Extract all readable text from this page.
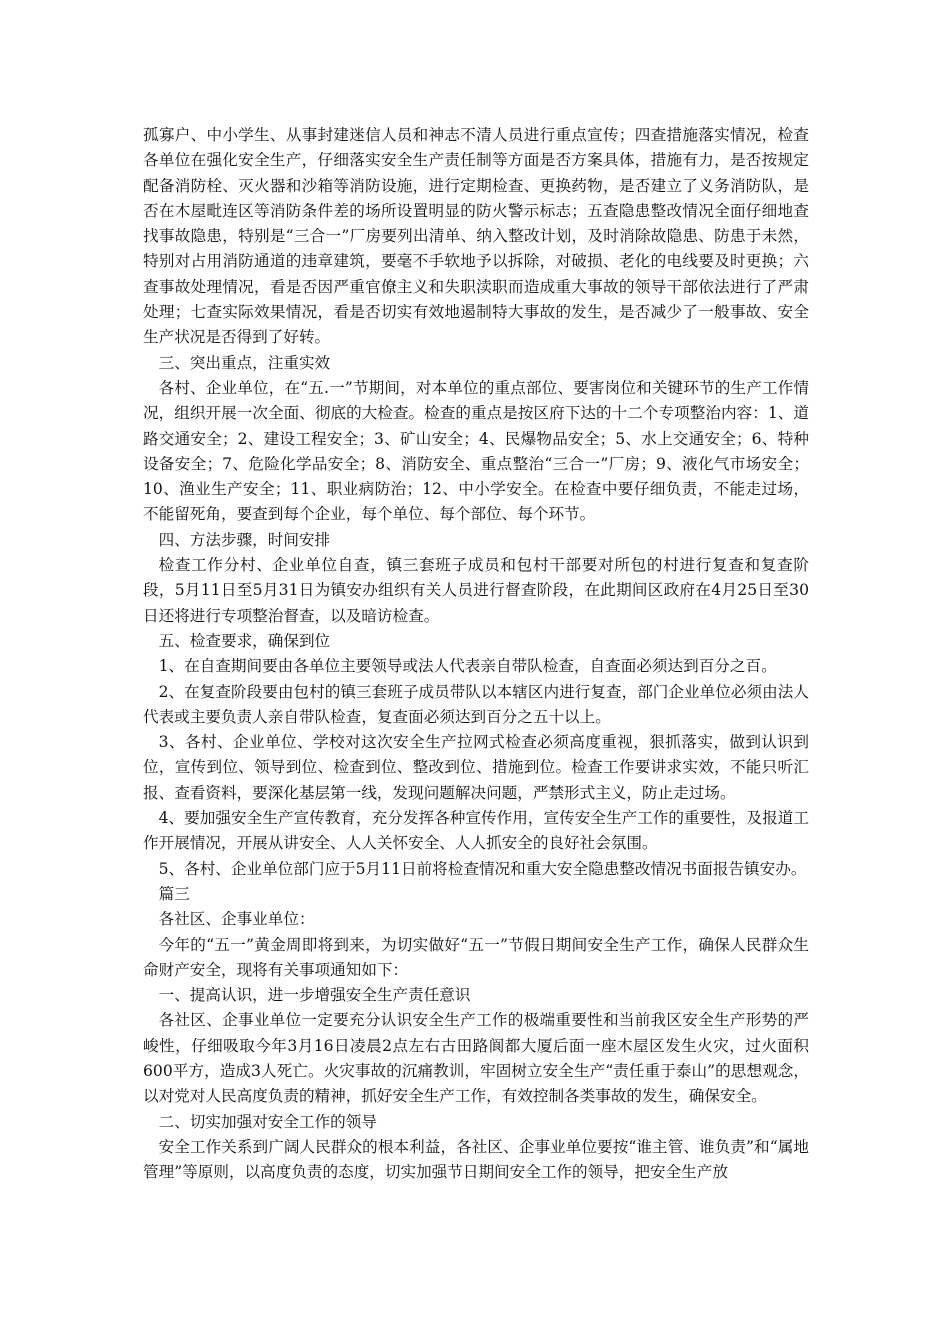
孤寡户、中小学生、从事封建迷信人员和神志不清人员进行重点宣传；四查措施落实情况，检查各单位在强化安全生产，仔细落实安全生产责任制等方面是否方案具体，措施有力，是否按规定配备消防栓、灭火器和沙箱等消防设施，进行定期检查、更换药物，是否建立了义务消防队，是否在木屋毗连区等消防条件差的场所设置明显的防火警示标志；五查隐患整改情况全面仔细地查找事故隐患，特别是“三合一”厂房要列出清单、纳入整改计划，及时消除故隐患、防患于未然，特别对占用消防通道的违章建筑，要毫不手软地予以拆除，对破损、老化的电线要及时更换；六查事故处理情况，看是否因严重官僚主义和失职渎职而造成重大事故的领导干部依法进行了严肃处理；七查实际效果情况，看是否切实有效地遏制特大事故的发生，是否减少了一般事故、安全生产状况是否得到了好转。

三、突出重点，注重实效

各村、企业单位，在“五.一”节期间，对本单位的重点部位、要害岗位和关键环节的生产工作情况，组织开展一次全面、彻底的大检查。检查的重点是按区府下达的十二个专项整治内容：1、道路交通安全；2、建设工程安全；3、矿山安全；4、民爆物品安全；5、水上交通安全；6、特种设备安全；7、危险化学品安全；8、消防安全、重点整治“三合一”厂房；9、液化气市场安全；10、渔业生产安全；11、职业病防治；12、中小学安全。在检查中要仔细负责，不能走过场，不能留死角，要查到每个企业，每个单位、每个部位、每个环节。

四、方法步骤，时间安排

检查工作分村、企业单位自查，镇三套班子成员和包村干部要对所包的村进行复查和复查阶段，5月11日至5月31日为镇安办组织有关人员进行督查阶段，在此期间区政府在4月25日至30日还将进行专项整治督查，以及暗访检查。

五、检查要求，确保到位

1、在自查期间要由各单位主要领导或法人代表亲自带队检查，自查面必须达到百分之百。

2、在复查阶段要由包村的镇三套班子成员带队以本辖区内进行复查，部门企业单位必须由法人代表或主要负责人亲自带队检查，复查面必须达到百分之五十以上。

3、各村、企业单位、学校对这次安全生产拉网式检查必须高度重视，狠抓落实，做到认识到位，宣传到位、领导到位、检查到位、整改到位、措施到位。检查工作要讲求实效，不能只听汇报、查看资料，要深化基层第一线，发现问题解决问题，严禁形式主义，防止走过场。

4、要加强安全生产宣传教育，充分发挥各种宣传作用，宣传安全生产工作的重要性，及报道工作开展情况，开展从讲安全、人人关怀安全、人人抓安全的良好社会氛围。

5、各村、企业单位部门应于5月11日前将检查情况和重大安全隐患整改情况书面报告镇安办。

篇三

各社区、企事业单位：

今年的“五一”黄金周即将到来，为切实做好“五一”节假日期间安全生产工作，确保人民群众生命财产安全，现将有关事项通知如下：

一、提高认识，进一步增强安全生产责任意识

各社区、企事业单位一定要充分认识安全生产工作的极端重要性和当前我区安全生产形势的严峻性，仔细吸取今年3月16日凌晨2点左右古田路阆都大厦后面一座木屋区发生火灾，过火面积600平方，造成3人死亡。火灾事故的沉痛教训，牢固树立安全生产“责任重于泰山”的思想观念，以对党对人民高度负责的精神，抓好安全生产工作，有效控制各类事故的发生，确保安全。

二、切实加强对安全工作的领导

安全工作关系到广阔人民群众的根本利益，各社区、企事业单位要按“谁主管、谁负责”和“属地管理”等原则，以高度负责的态度，切实加强节日期间安全工作的领导，把安全生产放
